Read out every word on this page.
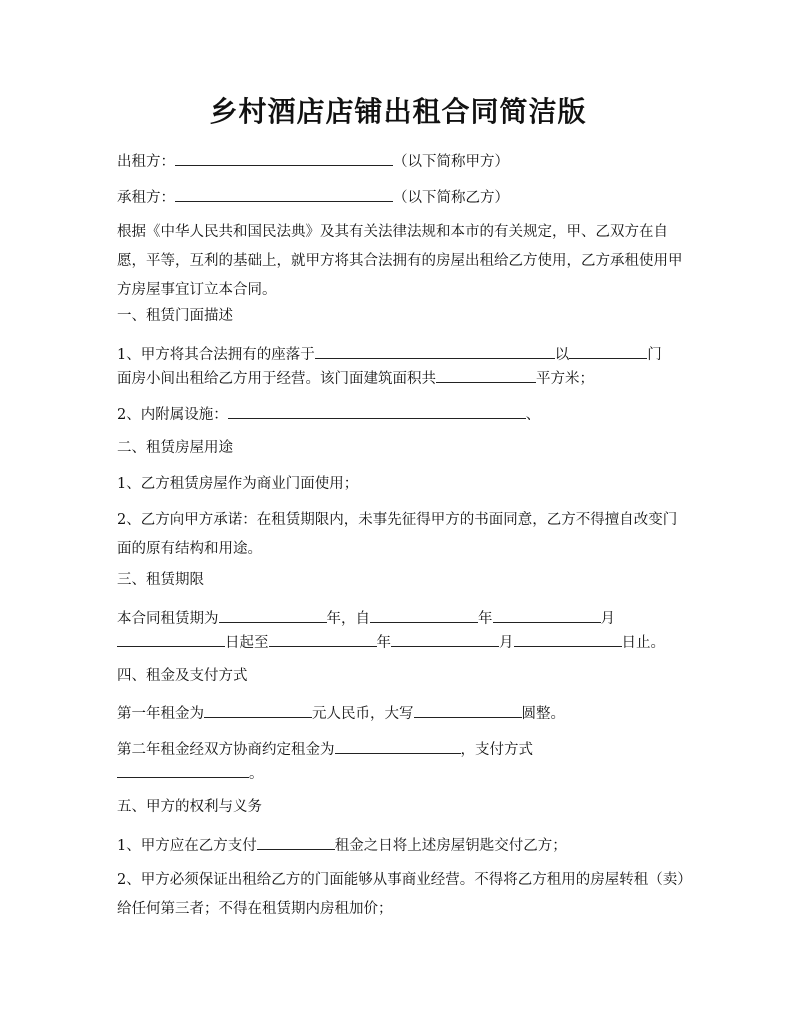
乡村酒店店铺出租合同简洁版
出租方：	（以下简称甲方）
承租方：	（以下简称乙方）
根据《中华人民共和国民法典》及其有关法律法规和本市的有关规定，甲、乙双方在自愿，平等，互利的基础上，就甲方将其合法拥有的房屋出租给乙方使用，乙方承租使用甲方房屋事宜订立本合同。
一、租赁门面描述
1、甲方将其合法拥有的座落于	以	门
面房小间出租给乙方用于经营。该门面建筑面积共	平方米；
2、内附属设施：	、
二、租赁房屋用途
1、乙方租赁房屋作为商业门面使用；
2、乙方向甲方承诺：在租赁期限内，未事先征得甲方的书面同意，乙方不得擅自改变门面的原有结构和用途。
三、租赁期限
本合同租赁期为	年，自	年	月
日起至	年	月	日止。
四、租金及支付方式
第一年租金为	元人民币，大写	圆整。
第二年租金经双方协商约定租金为	，支付方式
。
五、甲方的权利与义务
1、甲方应在乙方支付	租金之日将上述房屋钥匙交付乙方；
2、甲方必须保证出租给乙方的门面能够从事商业经营。不得将乙方租用的房屋转租（卖）给任何第三者；不得在租赁期内房租加价；
